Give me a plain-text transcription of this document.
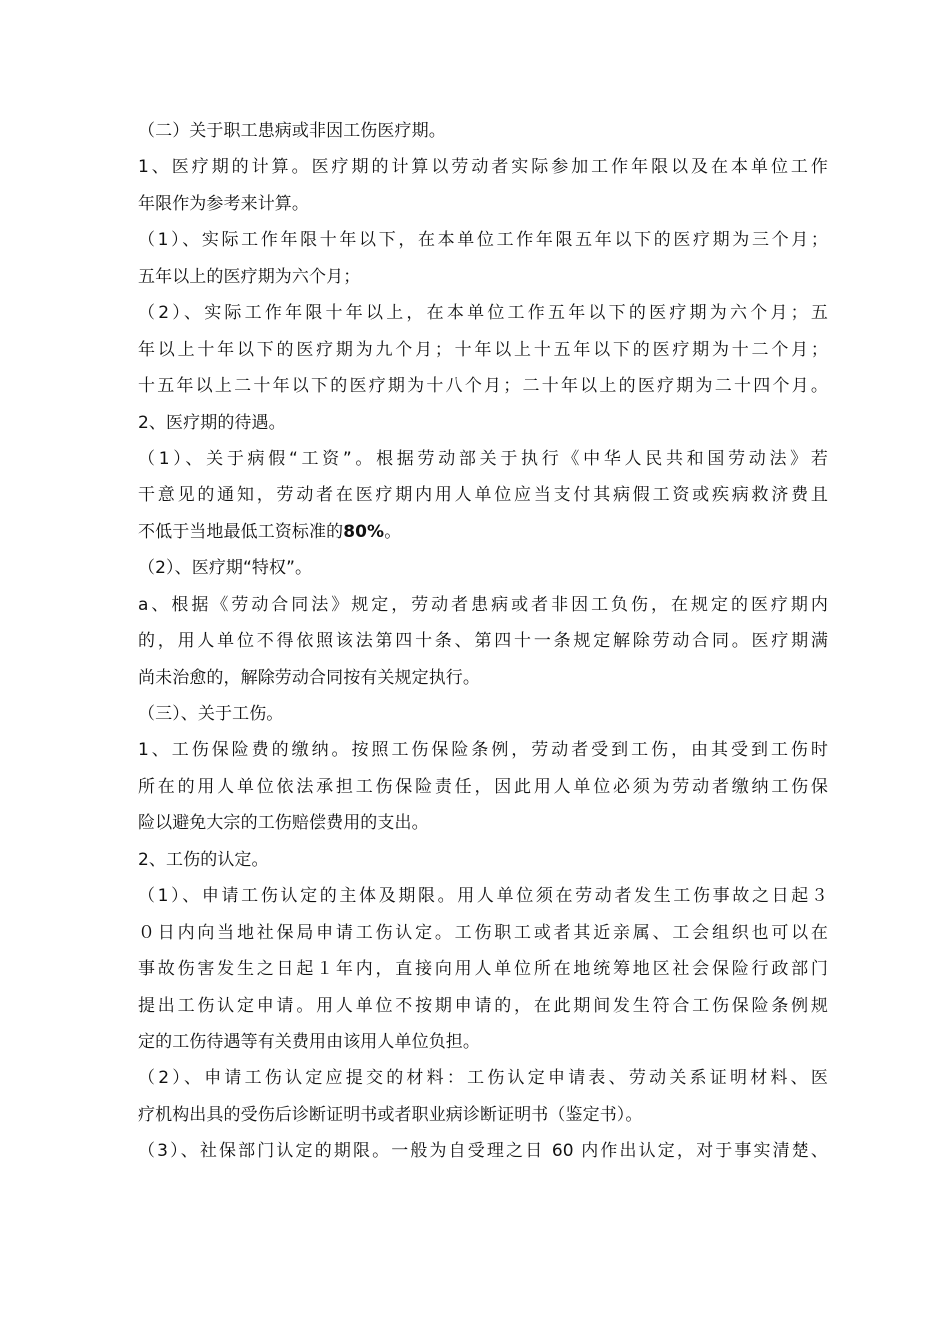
（二）关于职工患病或非因工伤医疗期。
1、医疗期的计算。医疗期的计算以劳动者实际参加工作年限以及在本单位工作
年限作为参考来计算。
（1）、实际工作年限十年以下，在本单位工作年限五年以下的医疗期为三个月；
五年以上的医疗期为六个月；
（2）、实际工作年限十年以上，在本单位工作五年以下的医疗期为六个月；五
年以上十年以下的医疗期为九个月；十年以上十五年以下的医疗期为十二个月；
十五年以上二十年以下的医疗期为十八个月；二十年以上的医疗期为二十四个月。
2、医疗期的待遇。
（1）、关于病假“工资”。根据劳动部关于执行《中华人民共和国劳动法》若
干意见的通知，劳动者在医疗期内用人单位应当支付其病假工资或疾病救济费且
不低于当地最低工资标准的80%。
（2）、医疗期“特权”。
a、根据《劳动合同法》规定，劳动者患病或者非因工负伤，在规定的医疗期内
的，用人单位不得依照该法第四十条、第四十一条规定解除劳动合同。医疗期满
尚未治愈的，解除劳动合同按有关规定执行。
（三）、关于工伤。
1、工伤保险费的缴纳。按照工伤保险条例，劳动者受到工伤，由其受到工伤时
所在的用人单位依法承担工伤保险责任，因此用人单位必须为劳动者缴纳工伤保
险以避免大宗的工伤赔偿费用的支出。
2、工伤的认定。
（1）、申请工伤认定的主体及期限。用人单位须在劳动者发生工伤事故之日起３
０日内向当地社保局申请工伤认定。工伤职工或者其近亲属、工会组织也可以在
事故伤害发生之日起１年内，直接向用人单位所在地统筹地区社会保险行政部门
提出工伤认定申请。用人单位不按期申请的，在此期间发生符合工伤保险条例规
定的工伤待遇等有关费用由该用人单位负担。
（2）、申请工伤认定应提交的材料：工伤认定申请表、劳动关系证明材料、医
疗机构出具的受伤后诊断证明书或者职业病诊断证明书（鉴定书）。
（3）、社保部门认定的期限。一般为自受理之日 60 内作出认定，对于事实清楚、
